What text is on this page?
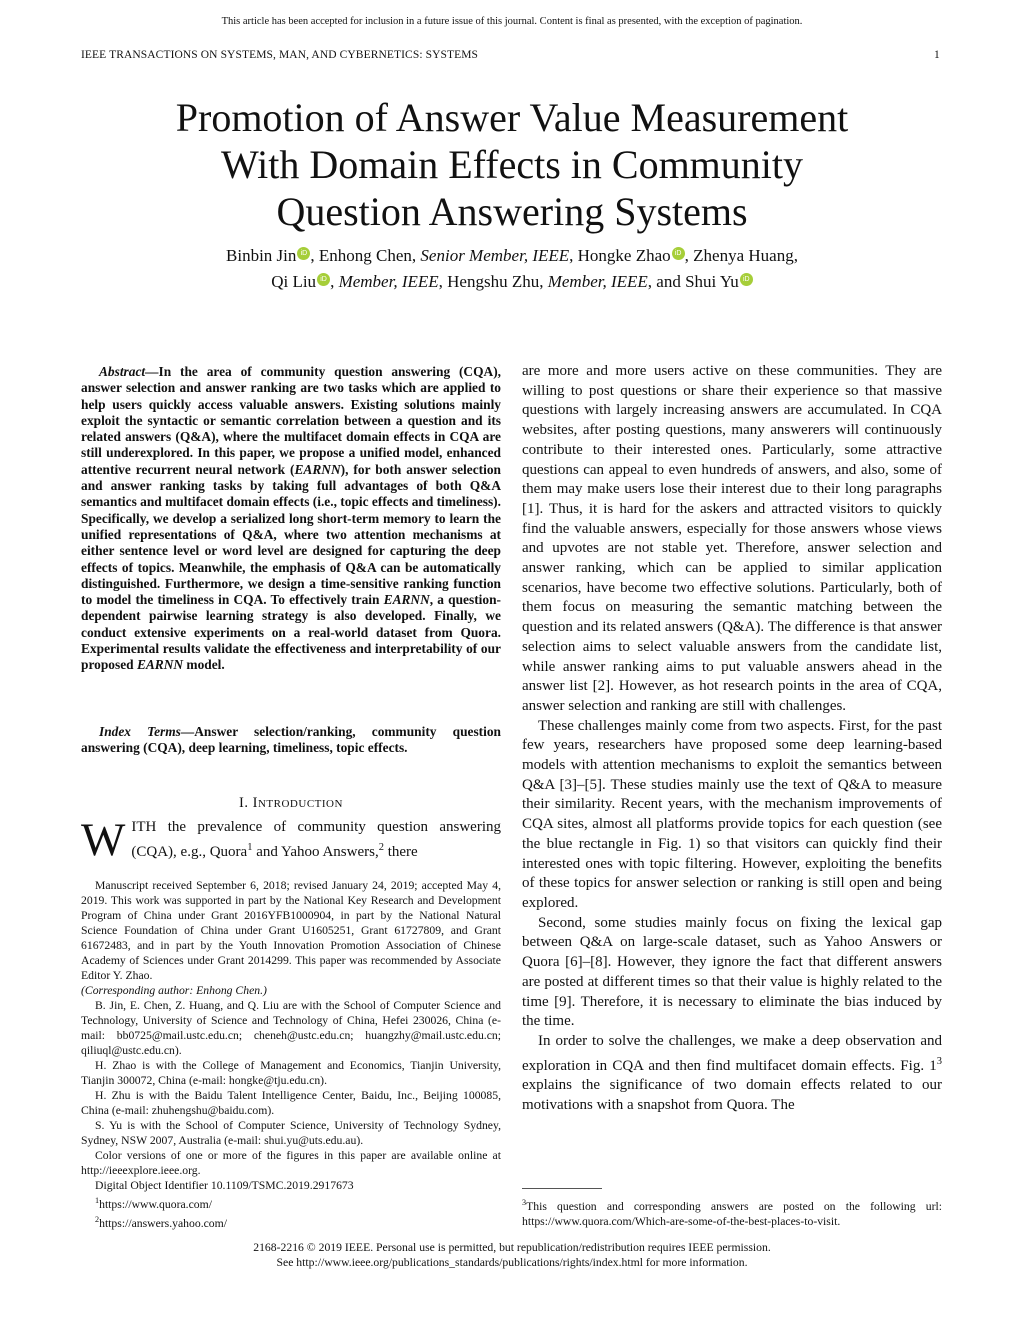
This article has been accepted for inclusion in a future issue of this journal. Content is final as presented, with the exception of pagination.
IEEE TRANSACTIONS ON SYSTEMS, MAN, AND CYBERNETICS: SYSTEMS	1
Promotion of Answer Value Measurement
With Domain Effects in Community
Question Answering Systems
Binbin Jin iD , Enhong Chen, Senior Member, IEEE, Hongke Zhao iD , Zhenya Huang,
Qi Liu iD , Member, IEEE, Hengshu Zhu, Member, IEEE, and Shui Yu iD
Abstract—In the area of community question answering (CQA), answer selection and answer ranking are two tasks which are applied to help users quickly access valuable answers. Existing solutions mainly exploit the syntactic or semantic correlation between a question and its related answers (Q&A), where the multifacet domain effects in CQA are still underexplored. In this paper, we propose a unified model, enhanced attentive recurrent neural network (EARNN), for both answer selection and answer ranking tasks by taking full advantages of both Q&A semantics and multifacet domain effects (i.e., topic effects and timeliness). Specifically, we develop a serialized long short-term memory to learn the unified representations of Q&A, where two attention mechanisms at either sentence level or word level are designed for capturing the deep effects of topics. Meanwhile, the emphasis of Q&A can be automatically distinguished. Furthermore, we design a time-sensitive ranking function to model the timeliness in CQA. To effectively train EARNN, a question-dependent pairwise learning strategy is also developed. Finally, we conduct extensive experiments on a real-world dataset from Quora. Experimental results validate the effectiveness and interpretability of our proposed EARNN model.
Index Terms—Answer selection/ranking, community question answering (CQA), deep learning, timeliness, topic effects.
I. INTRODUCTION
WITH the prevalence of community question answering (CQA), e.g., Quora$^1$ and Yahoo Answers,$^2$ there

Manuscript received September 6, 2018; revised January 24, 2019; accepted May 4, 2019. This work was supported in part by the National Key Research and Development Program of China under Grant 2016YFB1000904, in part by the National Natural Science Foundation of China under Grant U1605251, Grant 61727809, and Grant 61672483, and in part by the Youth Innovation Promotion Association of Chinese Academy of Sciences under Grant 2014299. This paper was recommended by Associate Editor Y. Zhao.

(Corresponding author: Enhong Chen.)

B. Jin, E. Chen, Z. Huang, and Q. Liu are with the School of Computer Science and Technology, University of Science and Technology of China, Hefei 230026, China (e-mail: bb0725@mail.ustc.edu.cn; cheneh@ustc.edu.cn; huangzhy@mail.ustc.edu.cn; qiliuql@ustc.edu.cn).

H. Zhao is with the College of Management and Economics, Tianjin University, Tianjin 300072, China (e-mail: hongke@tju.edu.cn).

H. Zhu is with the Baidu Talent Intelligence Center, Baidu, Inc., Beijing 100085, China (e-mail: zhuhengshu@baidu.com).

S. Yu is with the School of Computer Science, University of Technology Sydney, Sydney, NSW 2007, Australia (e-mail: shui.yu@uts.edu.au).

Color versions of one or more of the figures in this paper are available online at http://ieeexplore.ieee.org.

Digital Object Identifier 10.1109/TSMC.2019.2917673

$^1$https://www.quora.com/

$^2$https://answers.yahoo.com/

are more and more users active on these communities. They are willing to post questions or share their experience so that massive questions with largely increasing answers are accumulated. In CQA websites, after posting questions, many answerers will continuously contribute to their interested ones. Particularly, some attractive questions can appeal to even hundreds of answers, and also, some of them may make users lose their interest due to their long paragraphs [1]. Thus, it is hard for the askers and attracted visitors to quickly find the valuable answers, especially for those answers whose views and upvotes are not stable yet. Therefore, answer selection and answer ranking, which can be applied to similar application scenarios, have become two effective solutions. Particularly, both of them focus on measuring the semantic matching between the question and its related answers (Q&A). The difference is that answer selection aims to select valuable answers from the candidate list, while answer ranking aims to put valuable answers ahead in the answer list [2]. However, as hot research points in the area of CQA, answer selection and ranking are still with challenges.

These challenges mainly come from two aspects. First, for the past few years, researchers have proposed some deep learning-based models with attention mechanisms to exploit the semantics between Q&A [3]–[5]. These studies mainly use the text of Q&A to measure their similarity. Recent years, with the mechanism improvements of CQA sites, almost all platforms provide topics for each question (see the blue rectangle in Fig. 1) so that visitors can quickly find their interested ones with topic filtering. However, exploiting the benefits of these topics for answer selection or ranking is still open and being explored.

Second, some studies mainly focus on fixing the lexical gap between Q&A on large-scale dataset, such as Yahoo Answers or Quora [6]–[8]. However, they ignore the fact that different answers are posted at different times so that their value is highly related to the time [9]. Therefore, it is necessary to eliminate the bias induced by the time.

In order to solve the challenges, we make a deep observation and exploration in CQA and then find multifacet domain effects. Fig. $1^3$ explains the significance of two domain effects related to our motivations with a snapshot from Quora. The

$^3$This question and corresponding answers are posted on the following url: https://www.quora.com/Which-are-some-of-the-best-places-to-visit.
2168-2216 © 2019 IEEE. Personal use is permitted, but republication/redistribution requires IEEE permission.
See http://www.ieee.org/publications_standards/publications/rights/index.html for more information.
